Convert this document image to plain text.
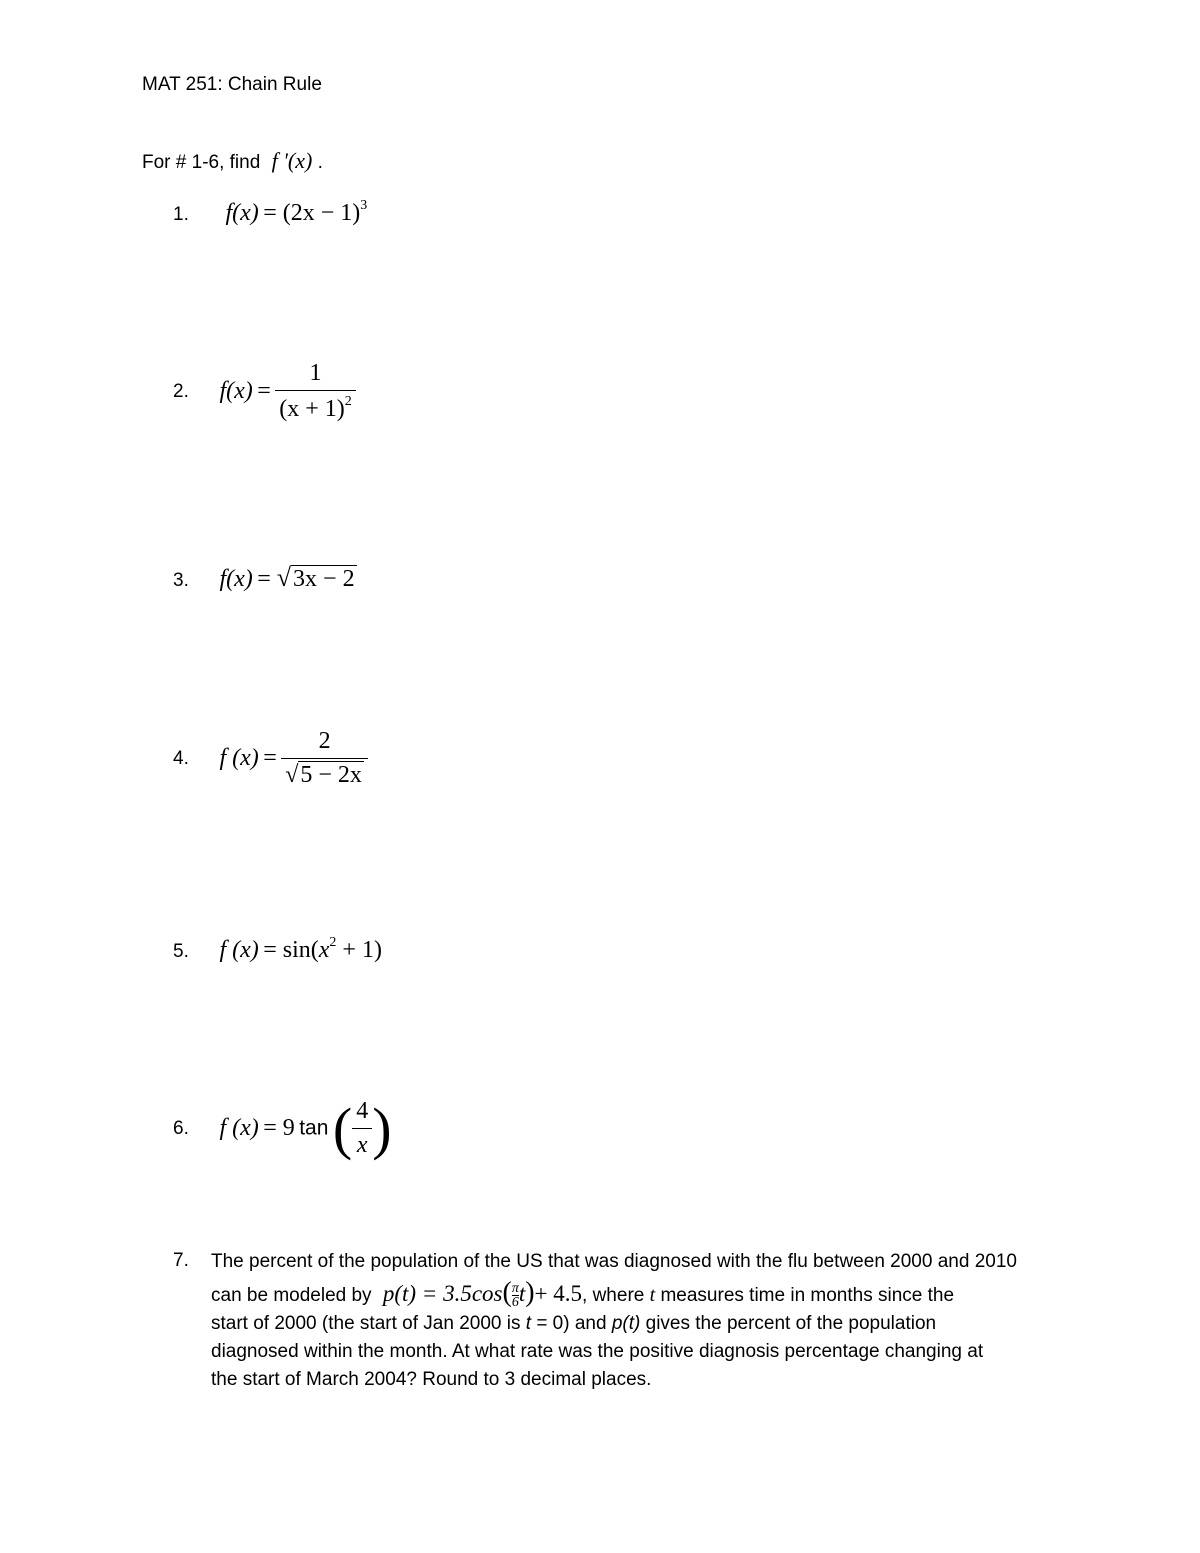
MAT 251: Chain Rule
For # 1-6, find f '(x) .
1. f(x) = (2x − 1)3
2. $f(x) = \frac{1}{(x + 1)^2}$
3. f(x) = √3x − 2
4. f $(x) = \frac{2}{√5 - 2x}$
5. f (x) = sin(x2 + 1)
6. f (x) = 9 tan ( $\frac{4}{x}$ )
7. The percent of the population of the US that was diagnosed with the flu between 2000 and 2010
can be modeled by $p(t) = 3.5\cos( \frac{\pi}{6} t)+ 4.5$, where t measures time in months since the
start of 2000 (the start of Jan 2000 is t = 0) and p(t) gives the percent of the population
diagnosed within the month. At what rate was the positive diagnosis percentage changing at
the start of March 2004? Round to 3 decimal places.
